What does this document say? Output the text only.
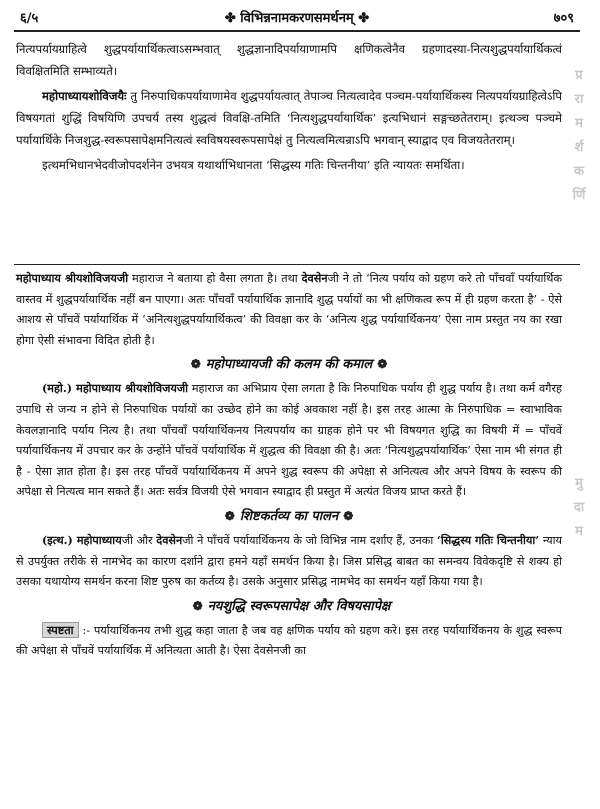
६/५	✤ विभिन्ननामकरणसमर्थनम् ✤	७०९

नित्यपर्यायग्राहित्वे शुद्धपर्यायार्थिकत्वाऽसम्भवात् शुद्धज्ञानादिपर्यायाणामपि क्षणिकत्वेनैव ग्रहणादस्या-नित्यशुद्धपर्यायार्थिकत्वं विवक्षितमिति सम्भाव्यते।

महोपाध्यायशोविजयैः तु निरुपाधिकपर्यायाणामेव शुद्धपर्यायत्वात् तेपाञ्च नित्यत्वादेव पञ्चम-पर्यायार्थिकस्य नित्यपर्यायग्राहित्वेऽपि विषयगतां शुद्धिं विषयिणि उपचर्य तस्य शुद्धत्वं विवक्षि-तमिति ‘नित्यशुद्धपर्यायार्थिक’ इत्यभिधानं सङ्गच्छतेतराम्। इत्थञ्च पञ्चमे पर्यायार्थिके निजशुद्ध-स्वरूपसापेक्षमनित्यत्वं स्वविषयस्वरूपसापेक्षं तु नित्यत्वमित्यन्राऽपि भगवान् स्याद्वाद एव विजयतेतराम्।

इत्थमभिधानभेदवीजोपदर्शनेन उभयत्र यथार्थाभिधानता ‘सिद्धस्य गतिः चिन्तनीया’ इति न्यायतः समर्थिता।

महोपाध्याय श्रीयशोविजयजी महाराज ने बताया हो वैसा लगता है। तथा देवसेनजी ने तो ‘नित्य पर्याय को ग्रहण करे तो पाँचवाँ पर्यायार्थिक वास्तव में शुद्धपर्यायार्थिक नहीं बन पाएगा। अतः पाँचवाँ पर्यायार्थिक ज्ञानादि शुद्ध पर्यायों का भी क्षणिकत्व रूप में ही ग्रहण करता है’ - ऐसे आशय से पाँचवें पर्यायार्थिक में ‘अनित्यशुद्धपर्यायार्थिकत्व’ की विवक्षा कर के ‘अनित्य शुद्ध पर्यायार्थिकनय’ ऐसा नाम प्रस्तुत नय का रखा होगा ऐसी संभावना विदित होती है।

❁ महोपाध्यायजी की कलम की कमाल ❁

(महो.) महोपाध्याय श्रीयशोविजयजी महाराज का अभिप्राय ऐसा लगता है कि निरुपाधिक पर्याय ही शुद्ध पर्याय है। तथा कर्म वगैरह उपाधि से जन्य न होने से निरुपाधिक पर्यायों का उच्छेद होने का कोई अवकाश नहीं है। इस तरह आत्मा के निरुपाधिक = स्वाभाविक केवलज्ञानादि पर्याय नित्य है। तथा पाँचवाँ पर्यायार्थिकनय नित्यपर्याय का ग्राहक होने पर भी विषयगत शुद्धि का विषयी में = पाँचवें पर्यायार्थिकनय में उपचार कर के उन्होंने पाँचवें पर्यायार्थिक में शुद्धत्व की विवक्षा की है। अतः ‘नित्यशुद्धपर्यायार्थिक’ ऐसा नाम भी संगत ही है - ऐसा ज्ञात होता है। इस तरह पाँचवें पर्यायार्थिकनय में अपने शुद्ध स्वरूप की अपेक्षा से अनित्यत्व और अपने विषय के स्वरूप की अपेक्षा से नित्यत्व मान सकते हैं। अतः सर्वत्र विजयी ऐसे भगवान स्याद्वाद ही प्रस्तुत में अत्यंत विजय प्राप्त करते हैं।

❁ शिष्टकर्तव्य का पालन ❁

(इत्थ.) महोपाध्यायजी और देवसेनजी ने पाँचवें पर्यायार्थिकनय के जो विभिन्न नाम दर्शाए हैं, उनका ‘सिद्धस्य गतिः चिन्तनीया’ न्याय से उपर्युक्त तरीके से नामभेद का कारण दर्शाने द्वारा हमने यहाँ समर्थन किया है। जिस प्रसिद्ध बाबत का समन्वय विवेकदृष्टि से शक्य हो उसका यथायोग्य समर्थन करना शिष्ट पुरुष का कर्तव्य है। उसके अनुसार प्रसिद्ध नामभेद का समर्थन यहाँ किया गया है।

❁ नयशुद्धि स्वरूपसापेक्ष और विषयसापेक्ष

स्पष्टता :- पर्यायार्थिकनय तभी शुद्ध कहा जाता है जब वह क्षणिक पर्याय को ग्रहण करे। इस तरह पर्यायार्थिकनय के शुद्ध स्वरूप की अपेक्षा से पाँचवें पर्यायार्थिक में अनित्यता आती है। ऐसा देवसेनजी का

प्र
रा
म
र्श
क
र्णि
मु
दा
म
